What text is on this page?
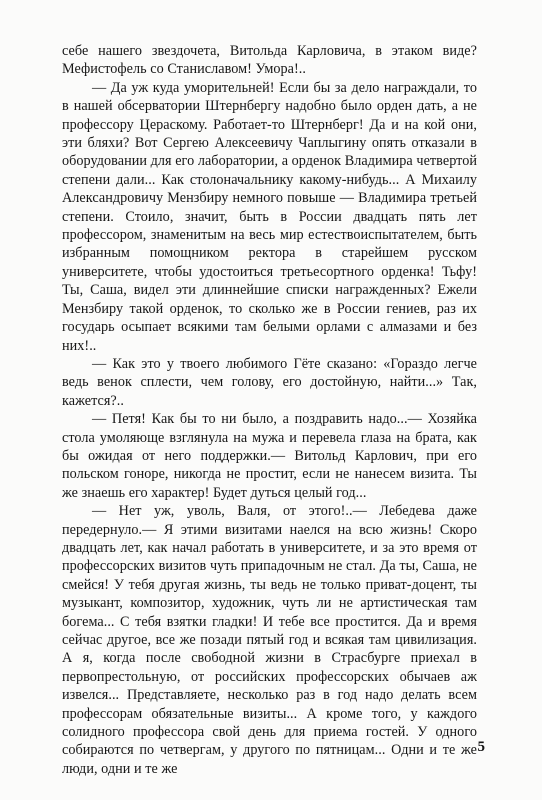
себе нашего звездочета, Витольда Карловича, в этаком виде? Мефистофель со Станиславом! Умора!..

— Да уж куда уморительней! Если бы за дело награждали, то в нашей обсерватории Штернбергу надобно было орден дать, а не профессору Цераскому. Работает-то Штернберг! Да и на кой они, эти бляхи? Вот Сергею Алексеевичу Чаплыгину опять отказали в оборудовании для его лаборатории, а орденок Владимира четвертой степени дали... Как столоначальнику какому-нибудь... А Михаилу Александровичу Мензбиру немного повыше — Владимира третьей степени. Стоило, значит, быть в России двадцать пять лет профессором, знаменитым на весь мир естествоиспытателем, быть избранным помощником ректора в старейшем русском университете, чтобы удостоиться третьесортного орденка! Тьфу! Ты, Саша, видел эти длиннейшие списки награжденных? Ежели Мензбиру такой орденок, то сколько же в России гениев, раз их государь осыпает всякими там белыми орлами с алмазами и без них!..

— Как это у твоего любимого Гёте сказано: «Гораздо легче ведь венок сплести, чем голову, его достойную, найти...» Так, кажется?..

— Петя! Как бы то ни было, а поздравить надо...— Хозяйка стола умоляюще взглянула на мужа и перевела глаза на брата, как бы ожидая от него поддержки.— Витольд Карлович, при его польском гоноре, никогда не простит, если не нанесем визита. Ты же знаешь его характер! Будет дуться целый год...

— Нет уж, уволь, Валя, от этого!..— Лебедева даже передернуло.— Я этими визитами наелся на всю жизнь! Скоро двадцать лет, как начал работать в университете, и за это время от профессорских визитов чуть припадочным не стал. Да ты, Саша, не смейся! У тебя другая жизнь, ты ведь не только приват-доцент, ты музыкант, композитор, художник, чуть ли не артистическая там богема... С тебя взятки гладки! И тебе все простится. Да и время сейчас другое, все же позади пятый год и всякая там цивилизация. А я, когда после свободной жизни в Страсбурге приехал в первопрестольную, от российских профессорских обычаев аж извелся... Представляете, несколько раз в год надо делать всем профессорам обязательные визиты... А кроме того, у каждого солидного профессора свой день для приема гостей. У одного собираются по четвергам, у другого по пятницам... Одни и те же люди, одни и те же

5
